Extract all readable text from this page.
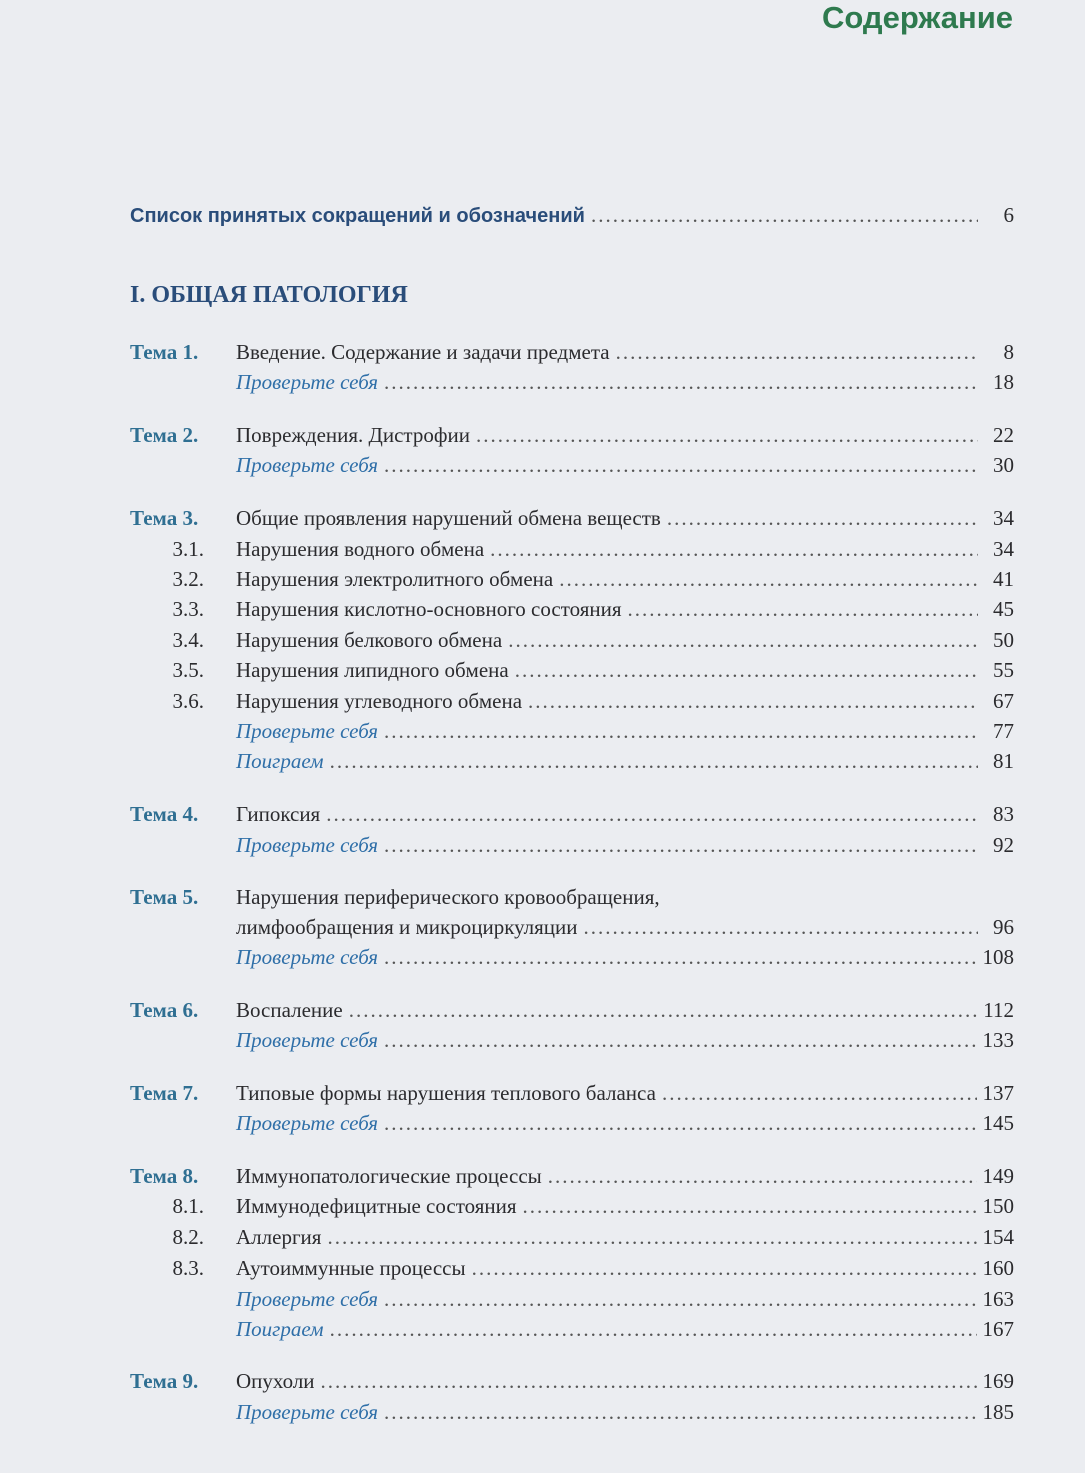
Содержание
Список принятых сокращений и обозначений .....	6
I. ОБЩАЯ ПАТОЛОГИЯ
Тема 1.	Введение. Содержание и задачи предмета .....	8
Проверьте себя .....	18
Тема 2.	Повреждения. Дистрофии .....	22
Проверьте себя .....	30
Тема 3.	Общие проявления нарушений обмена веществ .....	34
3.1.	Нарушения водного обмена .....	34
3.2.	Нарушения электролитного обмена .....	41
3.3.	Нарушения кислотно-основного состояния .....	45
3.4.	Нарушения белкового обмена .....	50
3.5.	Нарушения липидного обмена .....	55
3.6.	Нарушения углеводного обмена .....	67
Проверьте себя .....	77
Поиграем .....	81
Тема 4.	Гипоксия .....	83
Проверьте себя .....	92
Тема 5.	Нарушения периферического кровообращения,
лимфообращения и микроциркуляции .....	96
Проверьте себя .....	108
Тема 6.	Воспаление .....	112
Проверьте себя .....	133
Тема 7.	Типовые формы нарушения теплового баланса .....	137
Проверьте себя .....	145
Тема 8.	Иммунопатологические процессы .....	149
8.1.	Иммунодефицитные состояния .....	150
8.2.	Аллергия .....	154
8.3.	Аутоиммунные процессы .....	160
Проверьте себя .....	163
Поиграем .....	167
Тема 9.	Опухоли .....	169
Проверьте себя .....	185
